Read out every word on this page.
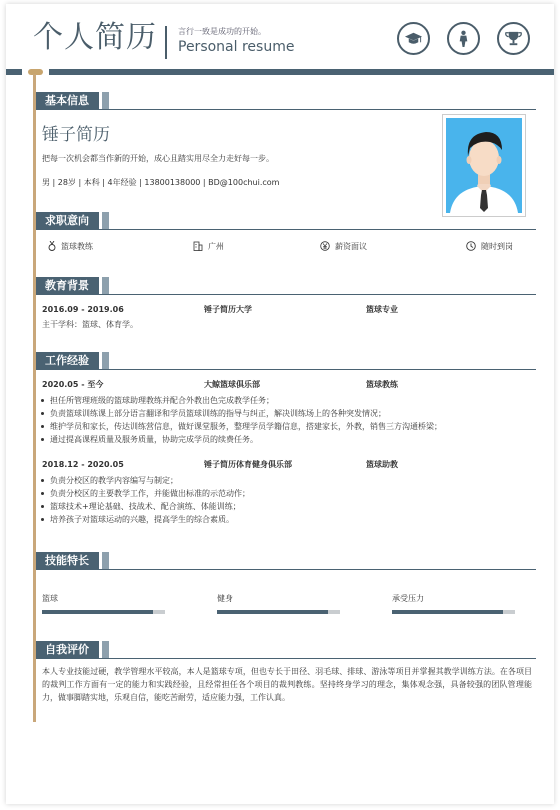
个人简历	言行一致是成功的开始。
Personal resume
基本信息
锤子简历
把每一次机会都当作新的开始，成心且踏实用尽全力走好每一步。
男 | 28岁 | 本科 | 4年经验 | 13800138000 | BD@100chui.com
求职意向
篮球教练	广州	薪资面议	随时到岗
教育背景
2016.09 - 2019.06	锤子简历大学	篮球专业
主干学科：篮球、体育学。
工作经验
2020.05 - 至今	大鲸篮球俱乐部	篮球教练
担任所管理班级的篮球助理教练并配合外教出色完成教学任务；
负责篮球训练课上部分语言翻译和学员篮球训练的指导与纠正，解决训练场上的各种突发情况；
维护学员和家长，传达训练营信息，做好课堂服务，整理学员学籍信息，搭建家长，外教，销售三方沟通桥梁；
通过提高课程质量及服务质量，协助完成学员的续费任务。
2018.12 - 2020.05	锤子简历体育健身俱乐部	篮球助教
负责分校区的教学内容编写与制定；
负责分校区的主要教学工作，并能做出标准的示范动作；
篮球技术+理论基础、技战术、配合演练、体能训练；
培养孩子对篮球运动的兴趣，提高学生的综合素质。
技能特长
篮球	健身	承受压力
自我评价
本人专业技能过硬，教学管理水平较高，本人是篮球专项，但也专长于田径、羽毛球、排球、游泳等项目并掌握其教学训练方法。在各项目的裁判工作方面有一定的能力和实践经验，且经常担任各个项目的裁判教练。坚持终身学习的理念，集体观念强，具备较强的团队管理能力，做事脚踏实地，乐观自信，能吃苦耐劳，适应能力强，工作认真。
